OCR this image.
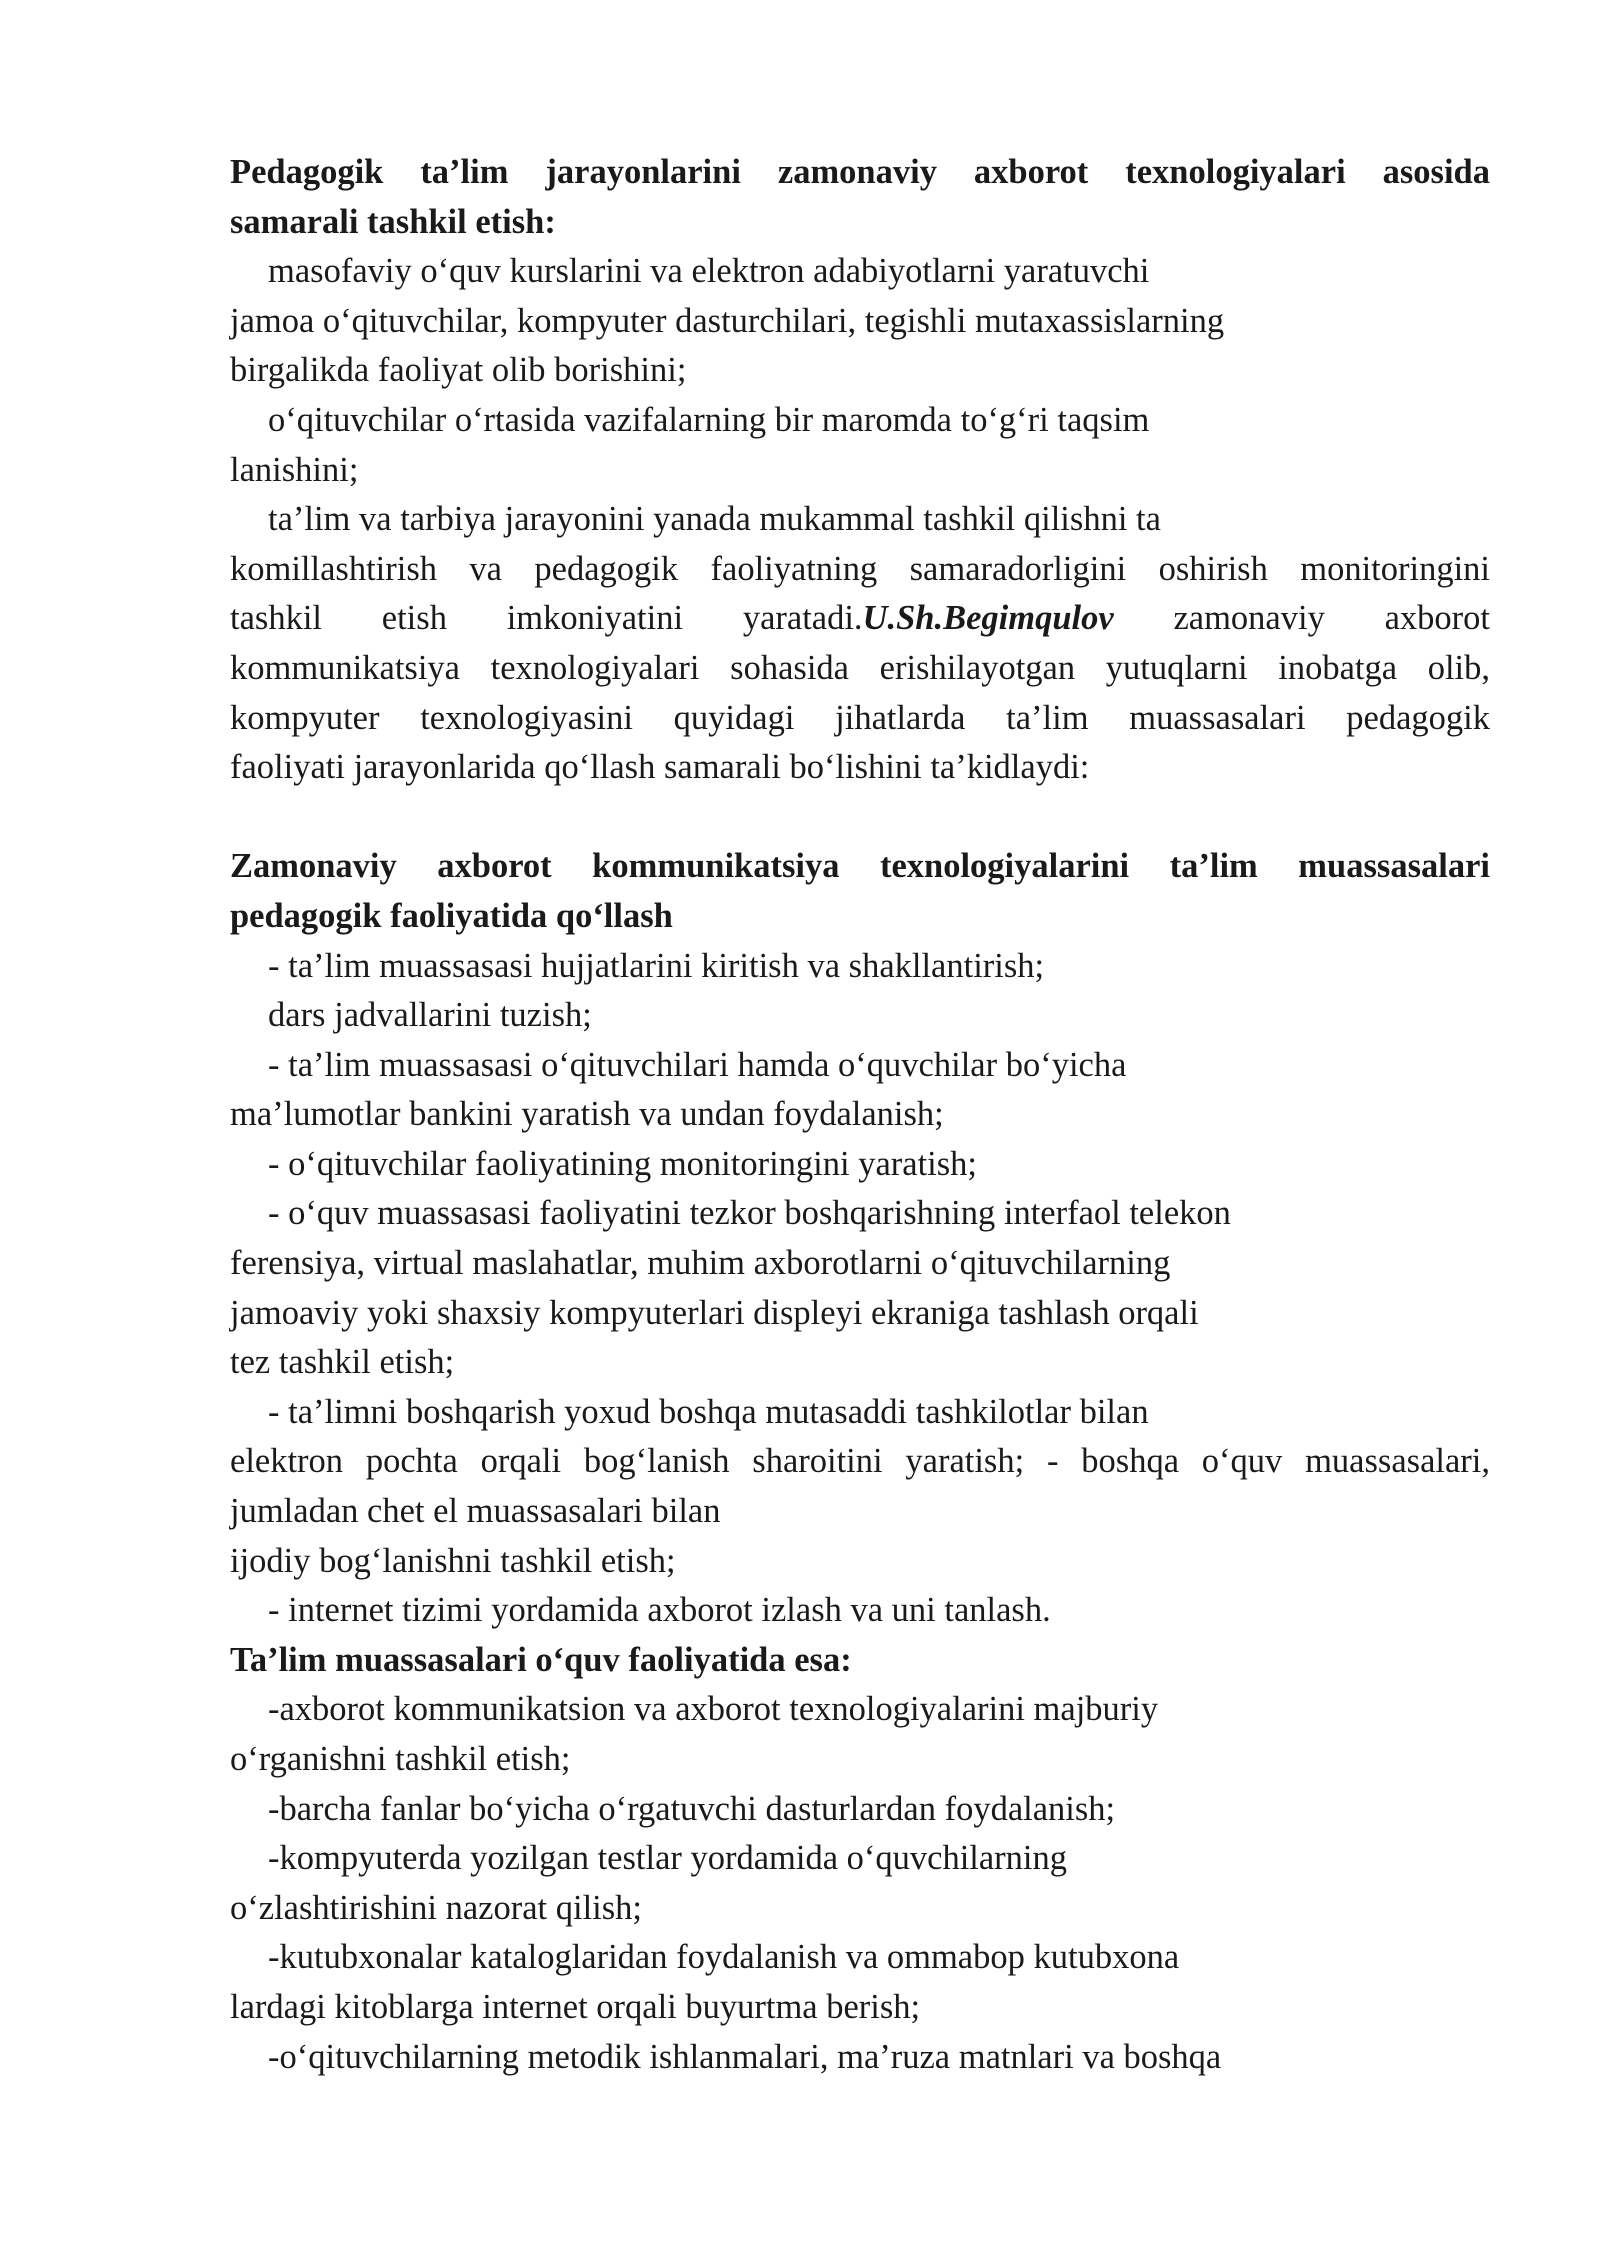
Pedagogik ta’lim jarayonlarini zamonaviy axborot texnologiyalari asosida
samarali tashkil etish:
masofaviy o‘quv kurslarini va elektron adabiyotlarni yaratuvchi
jamoa o‘qituvchilar, kompyuter dasturchilari, tegishli mutaxassislarning
birgalikda faoliyat olib borishini;
o‘qituvchilar o‘rtasida vazifalarning bir maromda to‘g‘ri taqsim
lanishini;
ta’lim va tarbiya jarayonini yanada mukammal tashkil qilishni ta
komillashtirish va pedagogik faoliyatning samaradorligini oshirish monitoringini
tashkil etish imkoniyatini yaratadi.U.Sh.Begimqulov zamonaviy axborot
kommunikatsiya texnologiyalari sohasida erishilayotgan yutuqlarni inobatga olib,
kompyuter texnologiyasini quyidagi jihatlarda ta’lim muassasalari pedagogik
faoliyati jarayonlarida qo‘llash samarali bo‘lishini ta’kidlaydi:
Zamonaviy axborot kommunikatsiya texnologiyalarini ta’lim muassasalari
pedagogik faoliyatida qo‘llash
- ta’lim muassasasi hujjatlarini kiritish va shakllantirish;
dars jadvallarini tuzish;
- ta’lim muassasasi o‘qituvchilari hamda o‘quvchilar bo‘yicha
ma’lumotlar bankini yaratish va undan foydalanish;
- o‘qituvchilar faoliyatining monitoringini yaratish;
- o‘quv muassasasi faoliyatini tezkor boshqarishning interfaol telekon
ferensiya, virtual maslahatlar, muhim axborotlarni o‘qituvchilarning
jamoaviy yoki shaxsiy kompyuterlari displeyi ekraniga tashlash orqali
tez tashkil etish;
- ta’limni boshqarish yoxud boshqa mutasaddi tashkilotlar bilan
elektron pochta orqali bog‘lanish sharoitini yaratish; - boshqa o‘quv muassasalari,
jumladan chet el muassasalari bilan
ijodiy bog‘lanishni tashkil etish;
- internet tizimi yordamida axborot izlash va uni tanlash.
Ta’lim muassasalari o‘quv faoliyatida esa:
-axborot kommunikatsion va axborot texnologiyalarini majburiy
o‘rganishni tashkil etish;
-barcha fanlar bo‘yicha o‘rgatuvchi dasturlardan foydalanish;
-kompyuterda yozilgan testlar yordamida o‘quvchilarning
o‘zlashtirishini nazorat qilish;
-kutubxonalar kataloglaridan foydalanish va ommabop kutubxona
lardagi kitoblarga internet orqali buyurtma berish;
-o‘qituvchilarning metodik ishlanmalari, ma’ruza matnlari va boshqa
